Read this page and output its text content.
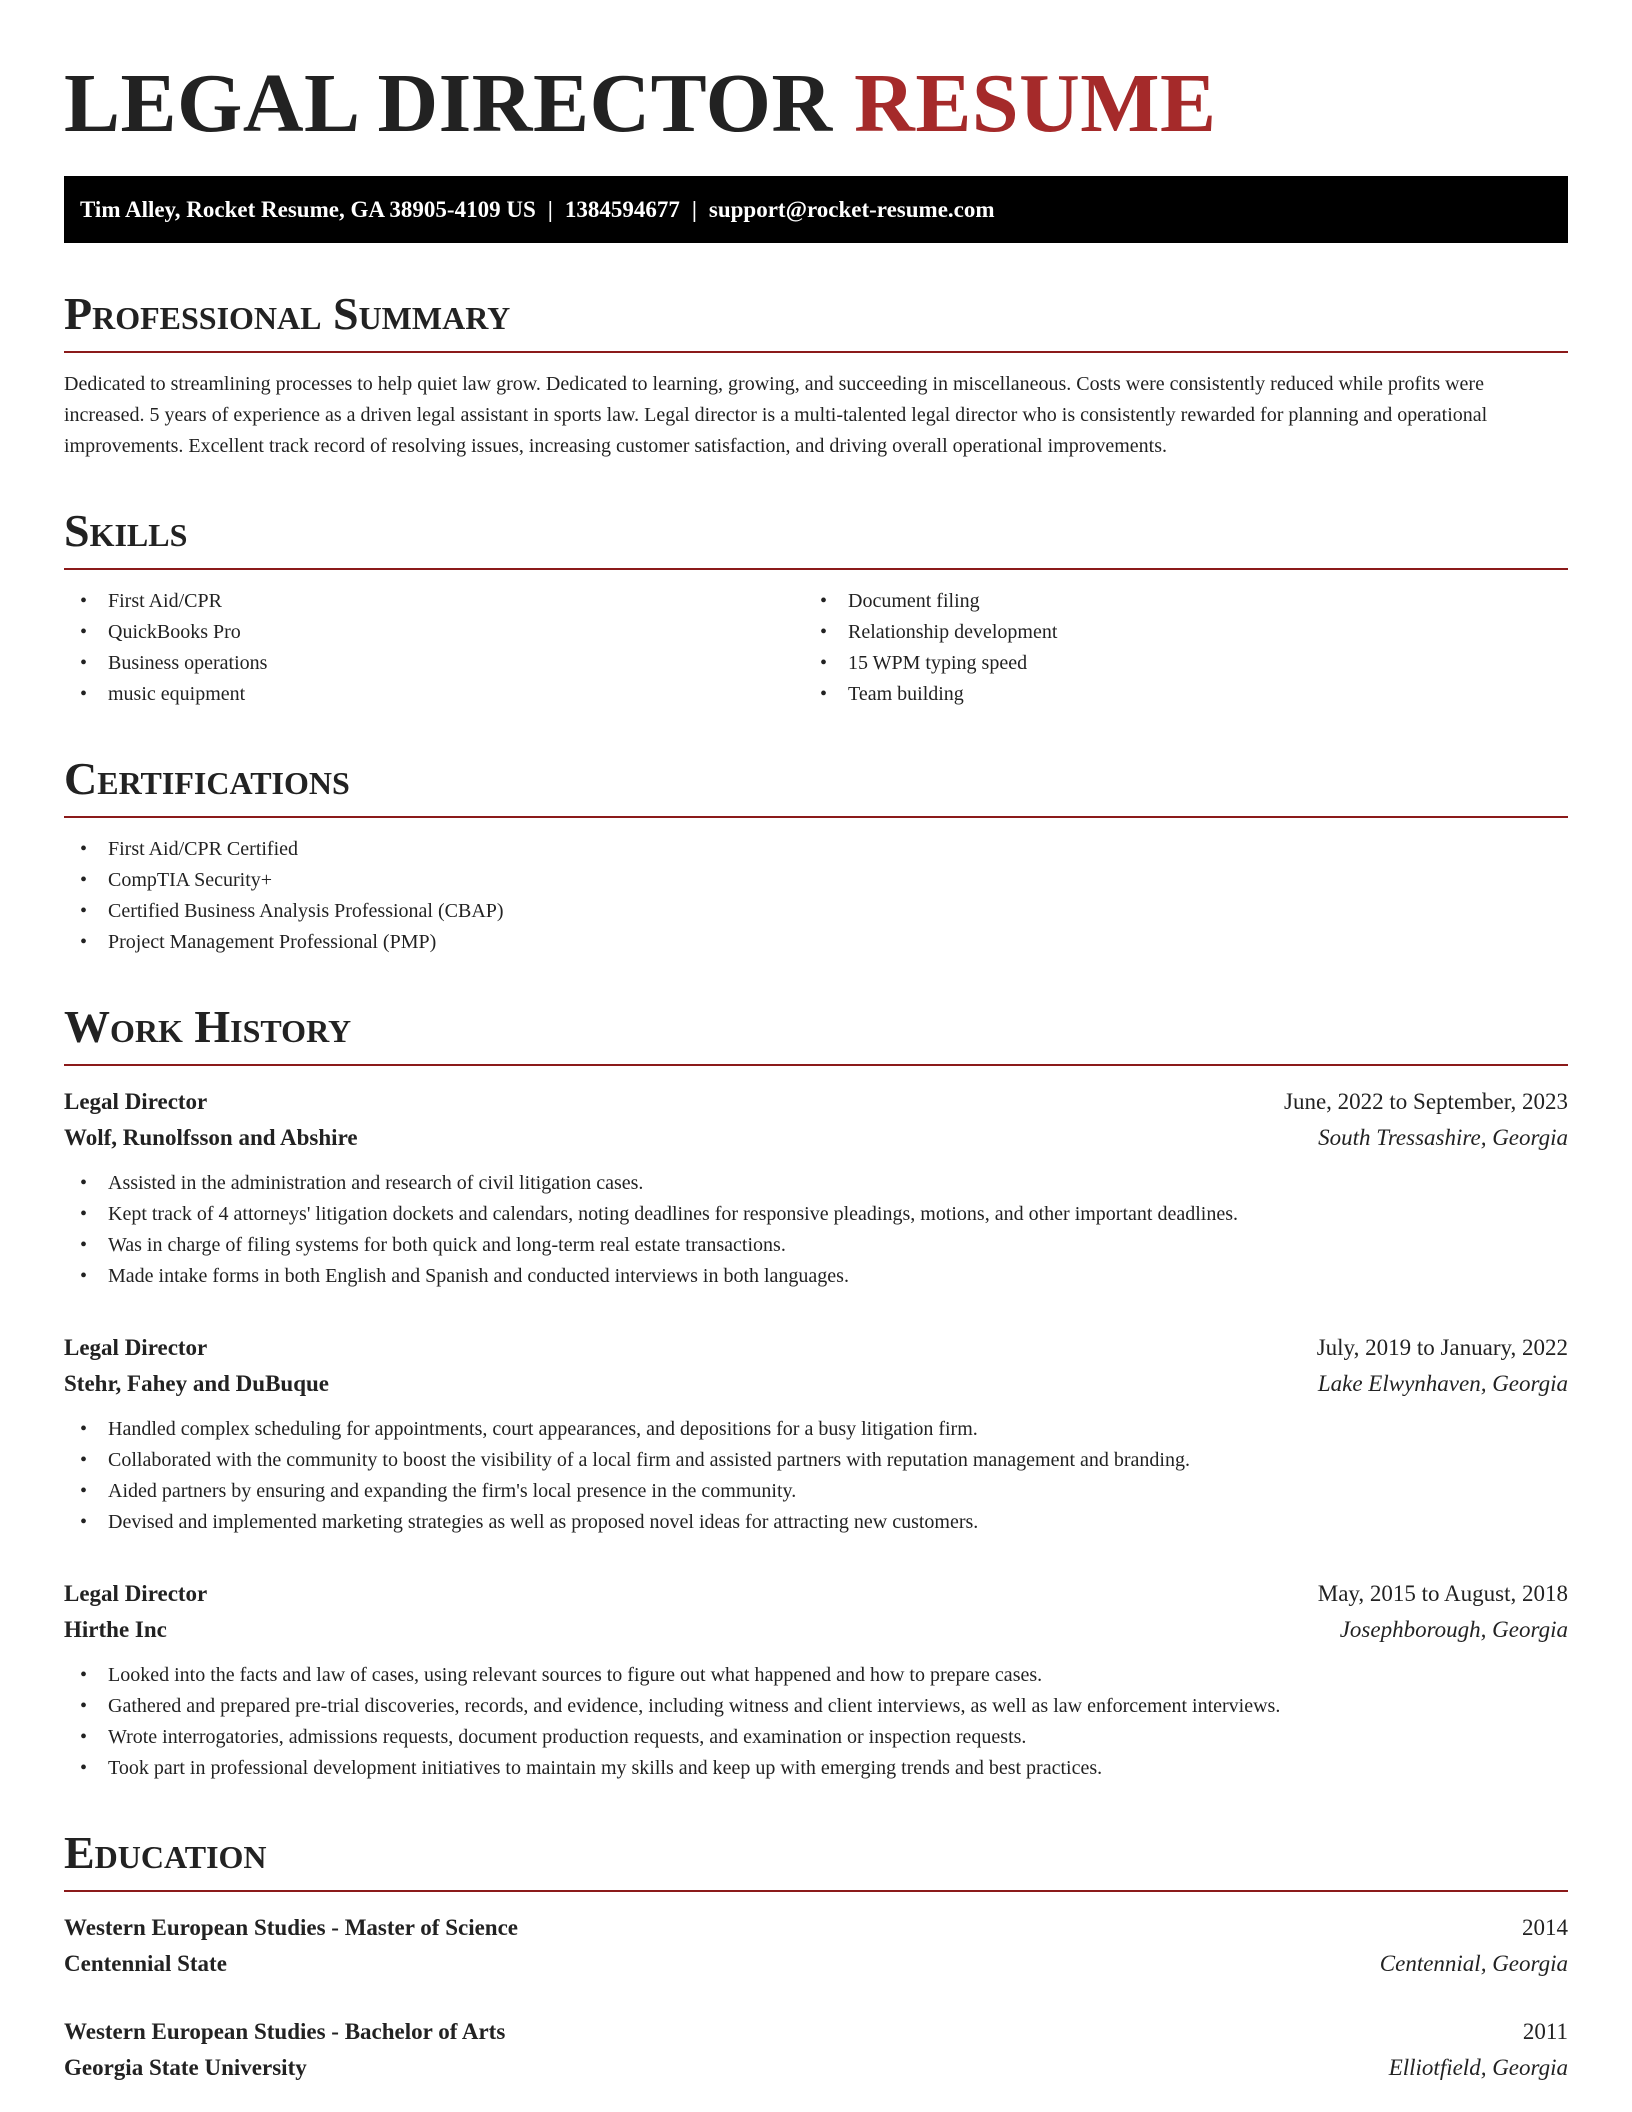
LEGAL DIRECTOR RESUME
Tim Alley, Rocket Resume, GA 38905-4109 US | 1384594677 | support@rocket-resume.com
Professional Summary

Dedicated to streamlining processes to help quiet law grow. Dedicated to learning, growing, and succeeding in miscellaneous. Costs were consistently reduced while profits were increased. 5 years of experience as a driven legal assistant in sports law. Legal director is a multi-talented legal director who is consistently rewarded for planning and operational improvements. Excellent track record of resolving issues, increasing customer satisfaction, and driving overall operational improvements.

Skills
• First Aid/CPR
• QuickBooks Pro
• Business operations
• music equipment
• Document filing
• Relationship development
• 15 WPM typing speed
• Team building
Certifications
• First Aid/CPR Certified
• CompTIA Security+
• Certified Business Analysis Professional (CBAP)
• Project Management Professional (PMP)
Work History
Legal Director	June, 2022 to September, 2023
Wolf, Runolfsson and Abshire	South Tressashire, Georgia
• Assisted in the administration and research of civil litigation cases.
• Kept track of 4 attorneys' litigation dockets and calendars, noting deadlines for responsive pleadings, motions, and other important deadlines.
• Was in charge of filing systems for both quick and long-term real estate transactions.
• Made intake forms in both English and Spanish and conducted interviews in both languages.
Legal Director	July, 2019 to January, 2022
Stehr, Fahey and DuBuque	Lake Elwynhaven, Georgia
• Handled complex scheduling for appointments, court appearances, and depositions for a busy litigation firm.
• Collaborated with the community to boost the visibility of a local firm and assisted partners with reputation management and branding.
• Aided partners by ensuring and expanding the firm's local presence in the community.
• Devised and implemented marketing strategies as well as proposed novel ideas for attracting new customers.
Legal Director	May, 2015 to August, 2018
Hirthe Inc	Josephborough, Georgia
• Looked into the facts and law of cases, using relevant sources to figure out what happened and how to prepare cases.
• Gathered and prepared pre-trial discoveries, records, and evidence, including witness and client interviews, as well as law enforcement interviews.
• Wrote interrogatories, admissions requests, document production requests, and examination or inspection requests.
• Took part in professional development initiatives to maintain my skills and keep up with emerging trends and best practices.
Education
Western European Studies - Master of Science	2014
Centennial State	Centennial, Georgia
Western European Studies - Bachelor of Arts	2011
Georgia State University	Elliotfield, Georgia
